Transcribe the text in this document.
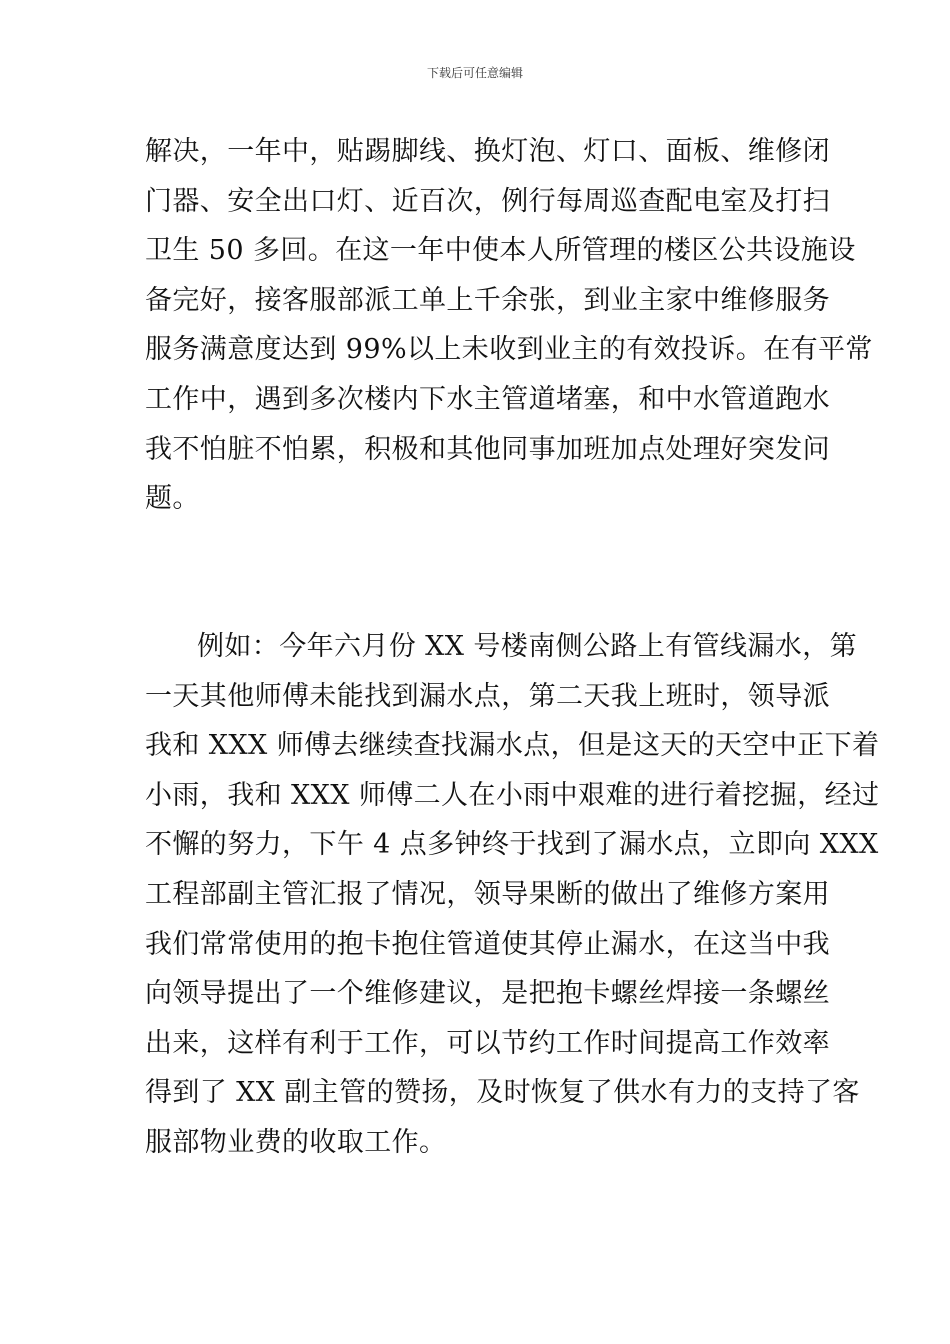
下载后可任意编辑
解决，一年中，贴踢脚线、换灯泡、灯口、面板、维修闭
门器、安全出口灯、近百次，例行每周巡查配电室及打扫
卫生 50 多回。在这一年中使本人所管理的楼区公共设施设
备完好，接客服部派工单上千余张，到业主家中维修服务
服务满意度达到 99%以上未收到业主的有效投诉。在有平常
工作中，遇到多次楼内下水主管道堵塞，和中水管道跑水
我不怕脏不怕累，积极和其他同事加班加点处理好突发问
题。
例如：今年六月份 XX 号楼南侧公路上有管线漏水，第
一天其他师傅未能找到漏水点，第二天我上班时，领导派
我和 XXX 师傅去继续查找漏水点，但是这天的天空中正下着
小雨，我和 XXX 师傅二人在小雨中艰难的进行着挖掘，经过
不懈的努力，下午 4 点多钟终于找到了漏水点，立即向 XXX
工程部副主管汇报了情况，领导果断的做出了维修方案用
我们常常使用的抱卡抱住管道使其停止漏水，在这当中我
向领导提出了一个维修建议，是把抱卡螺丝焊接一条螺丝
出来，这样有利于工作，可以节约工作时间提高工作效率
得到了 XX 副主管的赞扬，及时恢复了供水有力的支持了客
服部物业费的收取工作。
